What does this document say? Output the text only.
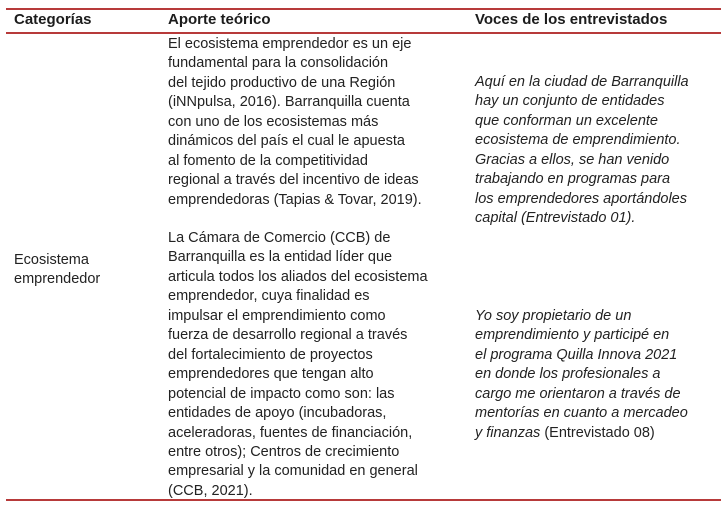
Categorías	Aporte teórico	Voces de los entrevistados
Ecosistema
emprendedor
El ecosistema emprendedor es un eje
fundamental para la consolidación
del tejido productivo de una Región
(iNNpulsa, 2016). Barranquilla cuenta
con uno de los ecosistemas más
dinámicos del país el cual le apuesta
al fomento de la competitividad
regional a través del incentivo de ideas
emprendedoras (Tapias & Tovar, 2019).
La Cámara de Comercio (CCB) de
Barranquilla es la entidad líder que
articula todos los aliados del ecosistema
emprendedor, cuya finalidad es
impulsar el emprendimiento como
fuerza de desarrollo regional a través
del fortalecimiento de proyectos
emprendedores que tengan alto
potencial de impacto como son: las
entidades de apoyo (incubadoras,
aceleradoras, fuentes de financiación,
entre otros); Centros de crecimiento
empresarial y la comunidad en general
(CCB, 2021).
Aquí en la ciudad de Barranquilla
hay un conjunto de entidades
que conforman un excelente
ecosistema de emprendimiento.
Gracias a ellos, se han venido
trabajando en programas para
los emprendedores aportándoles
capital (Entrevistado 01).
Yo soy propietario de un
emprendimiento y participé en
el programa Quilla Innova 2021
en donde los profesionales a
cargo me orientaron a través de
mentorías en cuanto a mercadeo
y finanzas (Entrevistado 08)
